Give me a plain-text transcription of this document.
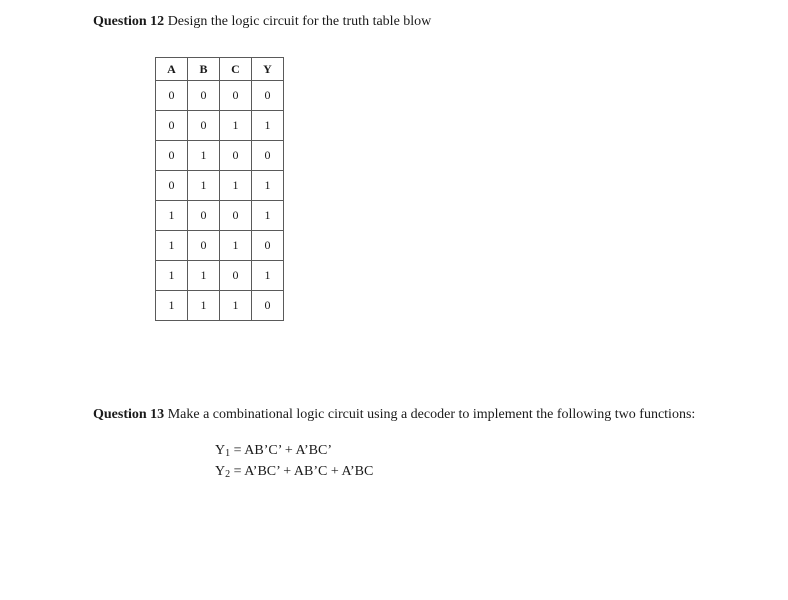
Question 12 Design the logic circuit for the truth table blow
A	B	C	Y
0	0	0	0
0	0	1	1
0	1	0	0
0	1	1	1
1	0	0	1
1	0	1	0
1	1	0	1
1	1	1	0
Question 13 Make a combinational logic circuit using a decoder to implement the following two functions:
$Y_1$ = AB’C’ + A’BC’
$Y_2$ = A’BC’ + AB’C + A’BC
